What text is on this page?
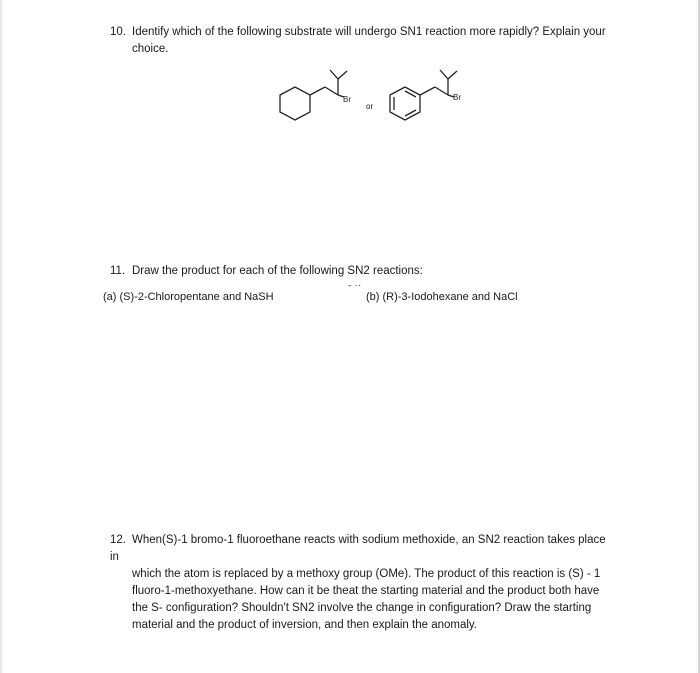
10. Identify which of the following substrate will undergo SN1 reaction more rapidly? Explain your
choice.
Br
or
Br
11. Draw the product for each of the following SN2 reactions:
(a) (S)-2-Chloropentane and NaSH
ˉ ˙˙
(b) (R)-3-Iodohexane and NaCl
12. When(S)-1 bromo-1 fluoroethane reacts with sodium methoxide, an SN2 reaction takes place in
which the atom is replaced by a methoxy group (OMe). The product of this reaction is (S) - 1
fluoro-1-methoxyethane. How can it be theat the starting material and the product both have
the S- configuration? Shouldn't SN2 involve the change in configuration? Draw the starting
material and the product of inversion, and then explain the anomaly.
